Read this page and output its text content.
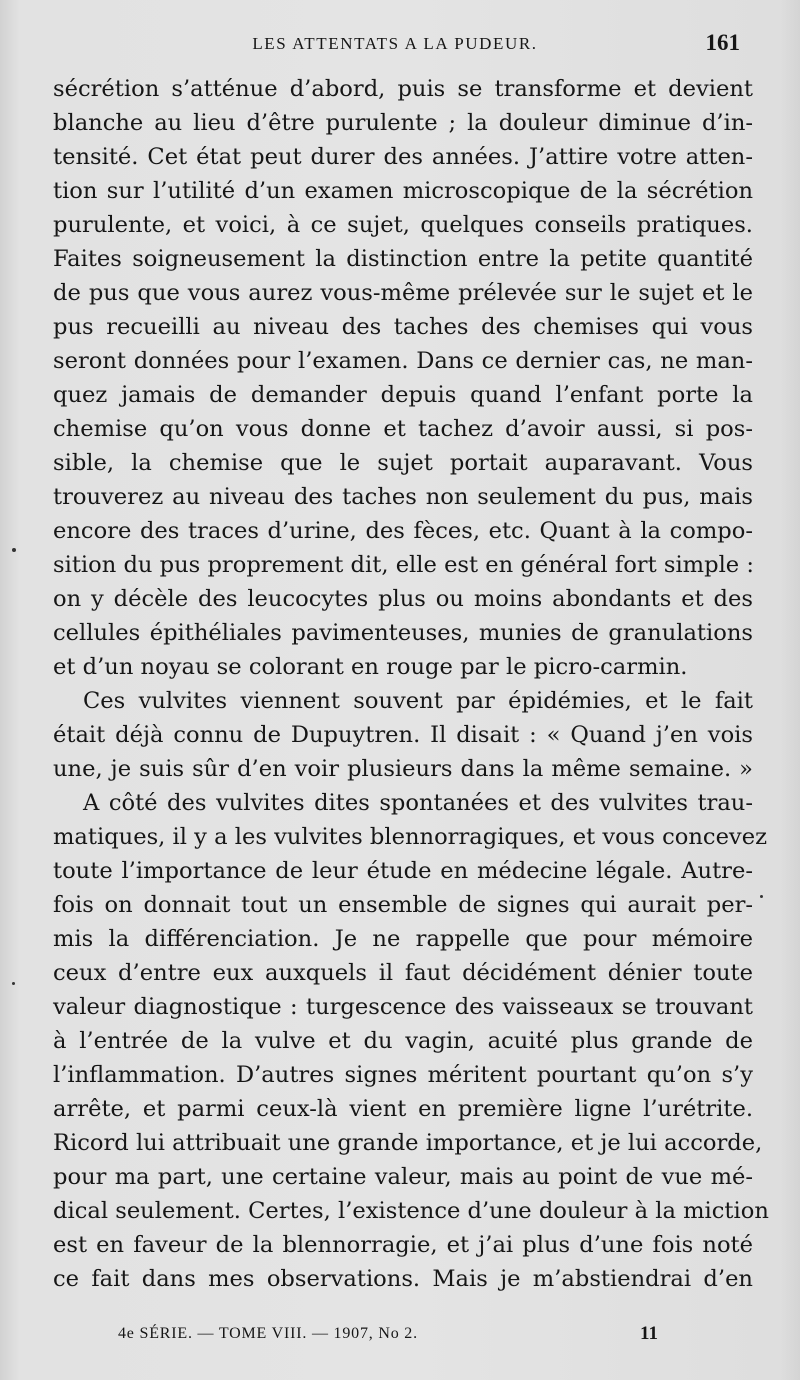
LES ATTENTATS A LA PUDEUR.	161
sécrétion s’atténue d’abord, puis se transforme et devient
blanche au lieu d’être purulente ; la douleur diminue d’in-
tensité. Cet état peut durer des années. J’attire votre atten-
tion sur l’utilité d’un examen microscopique de la sécrétion
purulente, et voici, à ce sujet, quelques conseils pratiques.
Faites soigneusement la distinction entre la petite quantité
de pus que vous aurez vous-même prélevée sur le sujet et le
pus recueilli au niveau des taches des chemises qui vous
seront données pour l’examen. Dans ce dernier cas, ne man-
quez jamais de demander depuis quand l’enfant porte la
chemise qu’on vous donne et tachez d’avoir aussi, si pos-
sible, la chemise que le sujet portait auparavant. Vous
trouverez au niveau des taches non seulement du pus, mais
encore des traces d’urine, des fèces, etc. Quant à la compo-
sition du pus proprement dit, elle est en général fort simple :
on y décèle des leucocytes plus ou moins abondants et des
cellules épithéliales pavimenteuses, munies de granulations
et d’un noyau se colorant en rouge par le picro-carmin.
Ces vulvites viennent souvent par épidémies, et le fait
était déjà connu de Dupuytren. Il disait : « Quand j’en vois
une, je suis sûr d’en voir plusieurs dans la même semaine. »
A côté des vulvites dites spontanées et des vulvites trau-
matiques, il y a les vulvites blennorragiques, et vous concevez
toute l’importance de leur étude en médecine légale. Autre-
fois on donnait tout un ensemble de signes qui aurait per-
mis la différenciation. Je ne rappelle que pour mémoire
ceux d’entre eux auxquels il faut décidément dénier toute
valeur diagnostique : turgescence des vaisseaux se trouvant
à l’entrée de la vulve et du vagin, acuité plus grande de
l’inflammation. D’autres signes méritent pourtant qu’on s’y
arrête, et parmi ceux-là vient en première ligne l’urétrite.
Ricord lui attribuait une grande importance, et je lui accorde,
pour ma part, une certaine valeur, mais au point de vue mé-
dical seulement. Certes, l’existence d’une douleur à la miction
est en faveur de la blennorragie, et j’ai plus d’une fois noté
ce fait dans mes observations. Mais je m’abstiendrai d’en
4e SÉRIE. — TOME VIII. — 1907, No 2.	11
